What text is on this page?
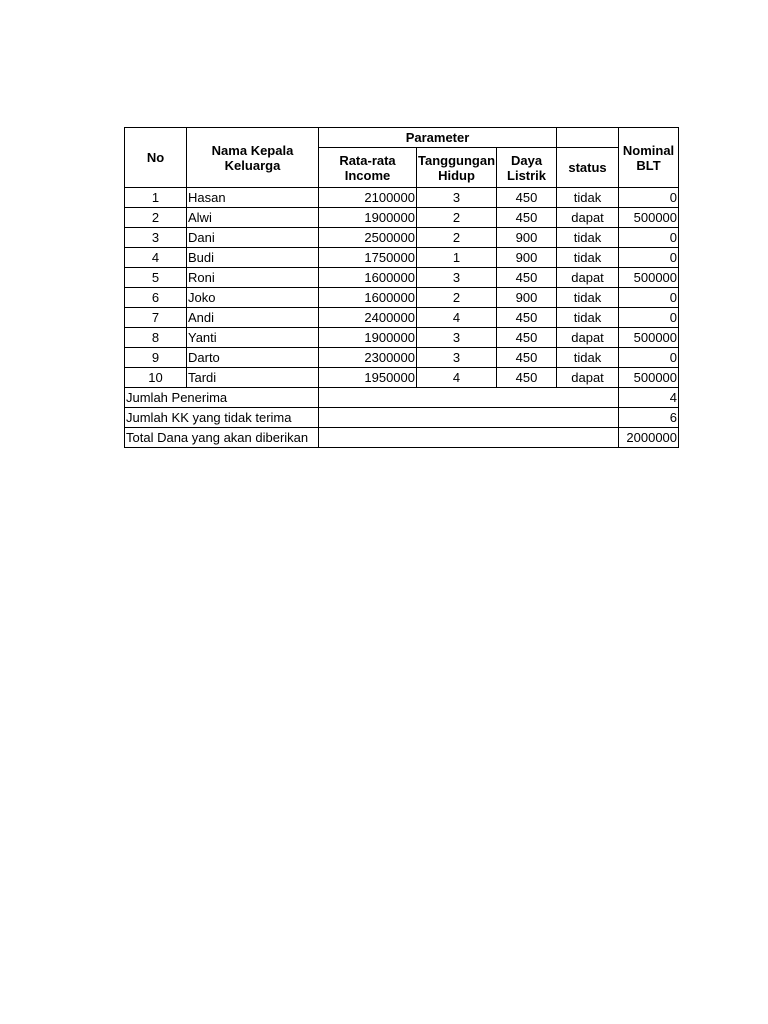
No	Nama Kepala Keluarga	Parameter				Nominal BLT
		Rata-rata Income	Tanggungan Hidup	Daya Listrik	status	
1	Hasan	2100000	3	450	tidak	0
2	Alwi	1900000	2	450	dapat	500000
3	Dani	2500000	2	900	tidak	0
4	Budi	1750000	1	900	tidak	0
5	Roni	1600000	3	450	dapat	500000
6	Joko	1600000	2	900	tidak	0
7	Andi	2400000	4	450	tidak	0
8	Yanti	1900000	3	450	dapat	500000
9	Darto	2300000	3	450	tidak	0
10	Tardi	1950000	4	450	dapat	500000
Jumlah Penerima						4
Jumlah KK yang tidak terima						6
Total Dana yang akan diberikan						2000000
